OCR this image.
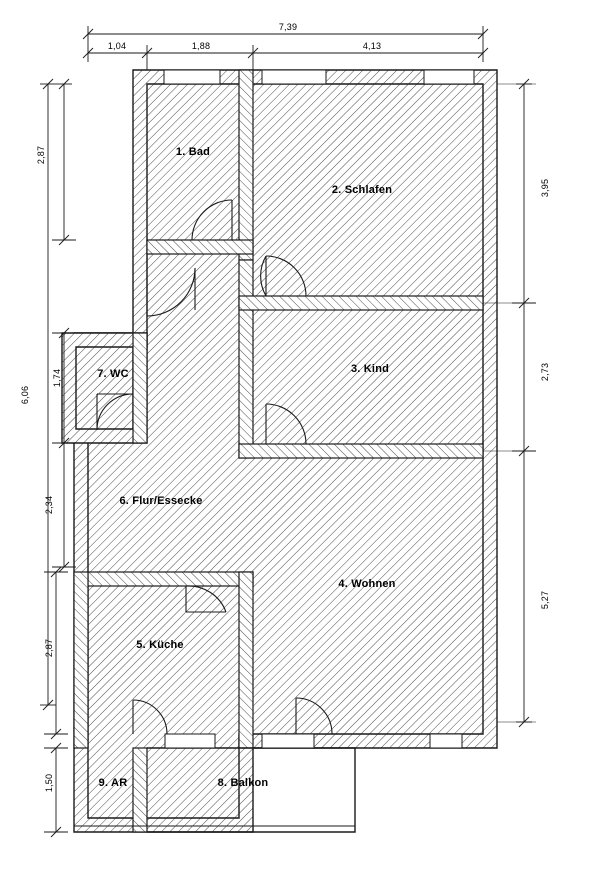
1. Bad
2. Schlafen
3. Kind
4. Wohnen
5. Küche
6. Flur/Essecke
7. WC
8. Balkon
9. AR
7,39
1,04	1,88	4,13
3,95
2,73
5,27
6,06
2,87
1,74
2,34
2,87
1,50
